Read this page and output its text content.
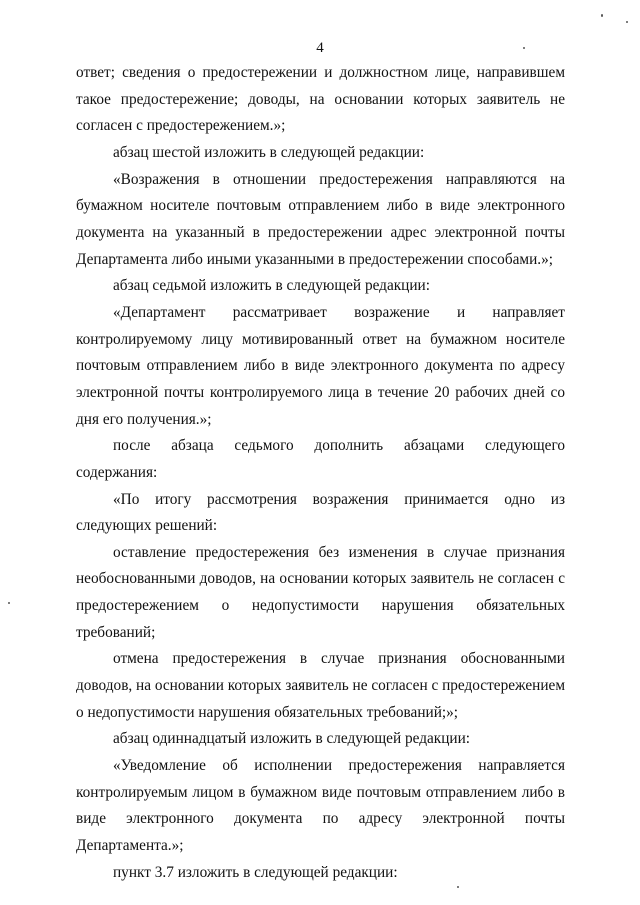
4

ответ; сведения о предостережении и должностном лице, направившем такое предостережение; доводы, на основании которых заявитель не согласен с предостережением.»;

абзац шестой изложить в следующей редакции:

«Возражения в отношении предостережения направляются на бумажном носителе почтовым отправлением либо в виде электронного документа на указанный в предостережении адрес электронной почты Департамента либо иными указанными в предостережении способами.»;

абзац седьмой изложить в следующей редакции:

«Департамент рассматривает возражение и направляет контролируемому лицу мотивированный ответ на бумажном носителе почтовым отправлением либо в виде электронного документа по адресу электронной почты контролируемого лица в течение 20 рабочих дней со дня его получения.»;

после абзаца седьмого дополнить абзацами следующего содержания:

«По итогу рассмотрения возражения принимается одно из следующих решений:

оставление предостережения без изменения в случае признания необоснованными доводов, на основании которых заявитель не согласен с предостережением о недопустимости нарушения обязательных требований;

отмена предостережения в случае признания обоснованными доводов, на основании которых заявитель не согласен с предостережением о недопустимости нарушения обязательных требований;»;

абзац одиннадцатый изложить в следующей редакции:

«Уведомление об исполнении предостережения направляется контролируемым лицом в бумажном виде почтовым отправлением либо в виде электронного документа по адресу электронной почты Департамента.»;

пункт 3.7 изложить в следующей редакции:
